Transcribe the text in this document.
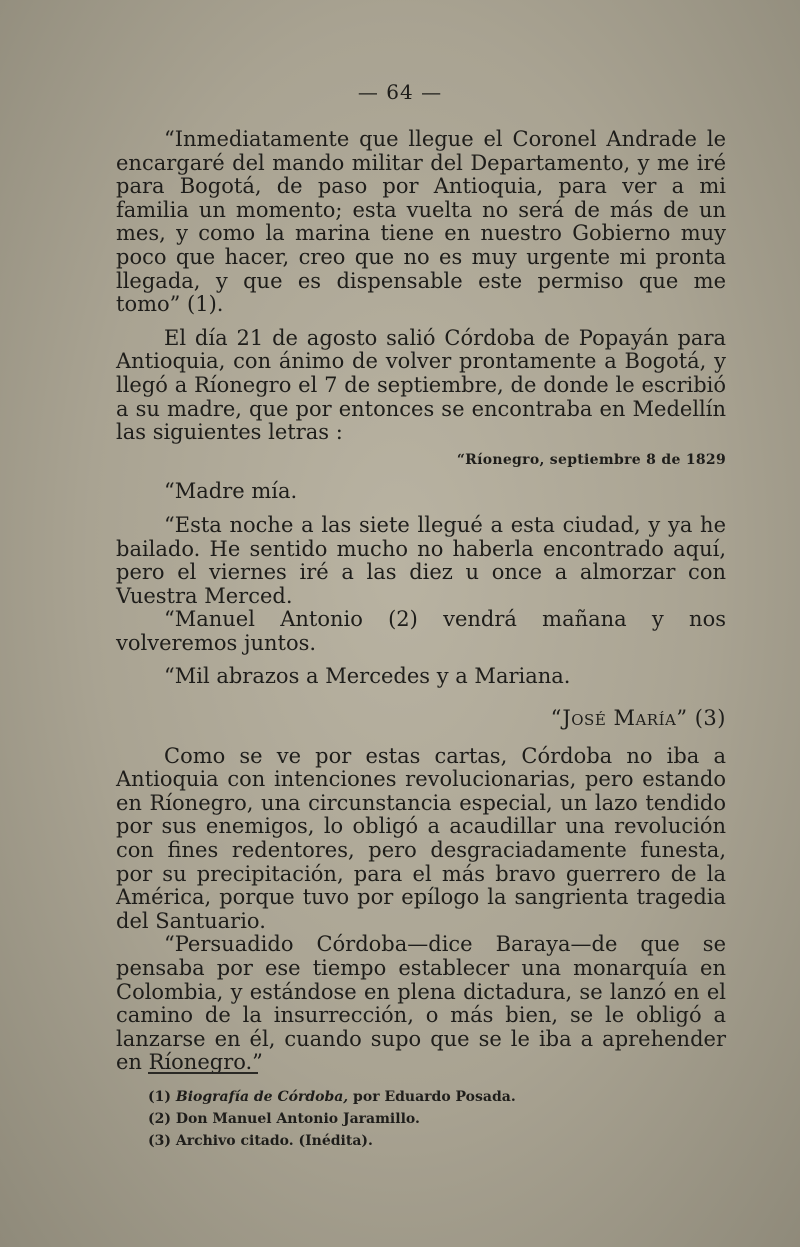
— 64 —

“Inmediatamente que llegue el Coronel Andrade le encargaré del mando militar del Departamento, y me iré para Bogotá, de paso por Antioquia, para ver a mi familia un momento; esta vuelta no será de más de un mes, y como la marina tiene en nuestro Gobierno muy poco que hacer, creo que no es muy urgente mi pronta llegada, y que es dispensable este permiso que me tomo” (1).

El día 21 de agosto salió Córdoba de Popayán para Antioquia, con ánimo de volver prontamente a Bogotá, y llegó a Ríonegro el 7 de septiembre, de donde le escribió a su madre, que por entonces se encontraba en Medellín las siguientes letras :

“Ríonegro, septiembre 8 de 1829

“Madre mía.

“Esta noche a las siete llegué a esta ciudad, y ya he bailado. He sentido mucho no haberla encontrado aquí, pero el viernes iré a las diez u once a almorzar con Vuestra Merced.

“Manuel Antonio (2) vendrá mañana y nos volveremos juntos.

“Mil abrazos a Mercedes y a Mariana.

“José María” (3)

Como se ve por estas cartas, Córdoba no iba a Antioquia con intenciones revolucionarias, pero estando en Ríonegro, una circunstancia especial, un lazo tendido por sus enemigos, lo obligó a acaudillar una revolución con fines redentores, pero desgraciadamente funesta, por su precipitación, para el más bravo guerrero de la América, porque tuvo por epílogo la sangrienta tragedia del Santuario.

“Persuadido Córdoba—dice Baraya—de que se pensaba por ese tiempo establecer una monarquía en Colombia, y estándose en plena dictadura, se lanzó en el camino de la insurrección, o más bien, se le obligó a lanzarse en él, cuando supo que se le iba a aprehender en Ríonegro.”

(1) Biografía de Córdoba, por Eduardo Posada.
(2) Don Manuel Antonio Jaramillo.
(3) Archivo citado. (Inédita).
